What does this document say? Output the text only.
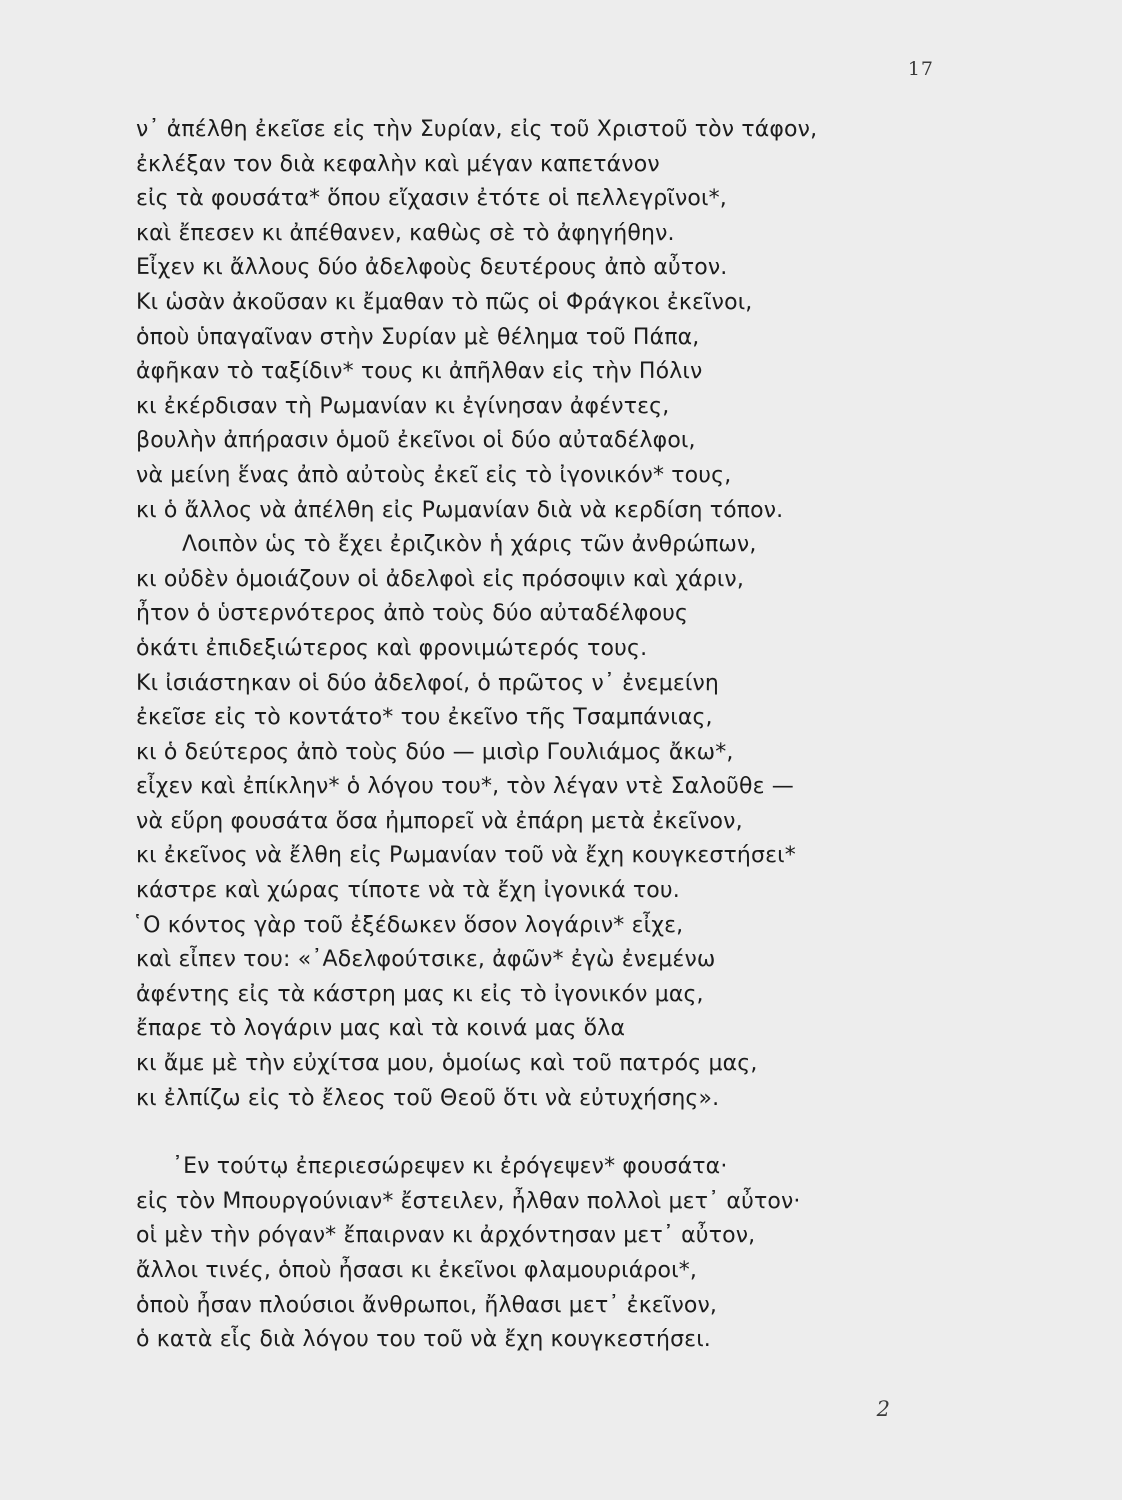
17
ν᾿ ἀπέλθη ἐκεῖσε εἰς τὴν Συρίαν, εἰς τοῦ Χριστοῦ τὸν τάφον,
ἐκλέξαν τον διὰ κεφαλὴν καὶ μέγαν καπετάνον
εἰς τὰ φουσάτα* ὅπου εἴχασιν ἐτότε οἱ πελλεγρῖνοι*,
καὶ ἔπεσεν κι ἀπέθανεν, καθὼς σὲ τὸ ἀφηγήθην.
Εἶχεν κι ἄλλους δύο ἀδελφοὺς δευτέρους ἀπὸ αὖτον.
Κι ὡσὰν ἀκοῦσαν κι ἔμαθαν τὸ πῶς οἱ Φράγκοι ἐκεῖνοι,
ὁποὺ ὑπαγαῖναν στὴν Συρίαν μὲ θέλημα τοῦ Πάπα,
ἀφῆκαν τὸ ταξίδιν* τους κι ἀπῆλθαν εἰς τὴν Πόλιν
κι ἐκέρδισαν τὴ Ρωμανίαν κι ἐγίνησαν ἀφέντες,
βουλὴν ἀπήρασιν ὁμοῦ ἐκεῖνοι οἱ δύο αὐταδέλφοι,
νὰ μείνη ἕνας ἀπὸ αὐτοὺς ἐκεῖ εἰς τὸ ἰγονικόν* τους,
κι ὁ ἄλλος νὰ ἀπέλθη εἰς Ρωμανίαν διὰ νὰ κερδίση τόπον.
Λοιπὸν ὡς τὸ ἔχει ἐριζικὸν ἡ χάρις τῶν ἀνθρώπων,
κι οὐδὲν ὁμοιάζουν οἱ ἀδελφοὶ εἰς πρόσοψιν καὶ χάριν,
ἦτον ὁ ὑστερνότερος ἀπὸ τοὺς δύο αὐταδέλφους
ὁκάτι ἐπιδεξιώτερος καὶ φρονιμώτερός τους.
Κι ἰσιάστηκαν οἱ δύο ἀδελφοί, ὁ πρῶτος ν᾿ ἐνεμείνη
ἐκεῖσε εἰς τὸ κοντάτο* του ἐκεῖνο τῆς Τσαμπάνιας,
κι ὁ δεύτερος ἀπὸ τοὺς δύο — μισὶρ Γουλιάμος ἄκω*,
εἶχεν καὶ ἐπίκλην* ὁ λόγου του*, τὸν λέγαν ντὲ Σαλοῦθε —
νὰ εὕρη φουσάτα ὅσα ἠμπορεῖ νὰ ἐπάρη μετὰ ἐκεῖνον,
κι ἐκεῖνος νὰ ἔλθη εἰς Ρωμανίαν τοῦ νὰ ἔχη κουγκεστήσει*
κάστρε καὶ χώρας τίποτε νὰ τὰ ἔχη ἰγονικά του.
῾Ο κόντος γὰρ τοῦ ἐξέδωκεν ὅσον λογάριν* εἶχε,
καὶ εἶπεν του: «᾿Αδελφούτσικε, ἀφῶν* ἐγὼ ἐνεμένω
ἀφέντης εἰς τὰ κάστρη μας κι εἰς τὸ ἰγονικόν μας,
ἔπαρε τὸ λογάριν μας καὶ τὰ κοινά μας ὅλα
κι ἄμε μὲ τὴν εὐχίτσα μου, ὁμοίως καὶ τοῦ πατρός μας,
κι ἐλπίζω εἰς τὸ ἔλεος τοῦ Θεοῦ ὅτι νὰ εὐτυχήσης».
᾿Εν τούτῳ ἐπεριεσώρεψεν κι ἐρόγεψεν* φουσάτα·
εἰς τὸν Μπουργούνιαν* ἔστειλεν, ἦλθαν πολλοὶ μετ᾿ αὖτον·
οἱ μὲν τὴν ρόγαν* ἔπαιρναν κι ἀρχόντησαν μετ᾿ αὖτον,
ἄλλοι τινές, ὁποὺ ἦσασι κι ἐκεῖνοι φλαμουριάροι*,
ὁποὺ ἦσαν πλούσιοι ἄνθρωποι, ἤλθασι μετ᾿ ἐκεῖνον,
ὁ κατὰ εἷς διὰ λόγου του τοῦ νὰ ἔχη κουγκεστήσει.
2
